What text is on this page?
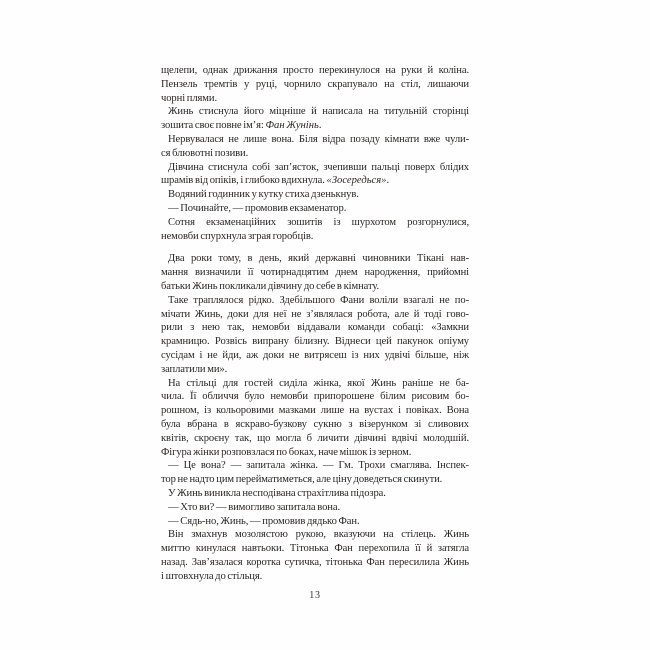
щелепи, однак дрижання просто перекинулося на руки й коліна.
Пензель тремтів у руці, чорнило скрапувало на стіл, лишаючи
чорні плями.
Жинь стиснула його міцніше й написала на титульній сторінці
зошита своє повне ім’я: Фан Жунінь.
Нервувалася не лише вона. Біля відра позаду кімнати вже чули-
ся блювотні позиви.
Дівчина стиснула собі зап’ясток, зчепивши пальці поверх блідих
шрамів від опіків, і глибоко вдихнула. «Зосередься».
Водяний годинник у кутку стиха дзенькнув.
— Починайте, — промовив екзаменатор.
Сотня екзаменаційних зошитів із шурхотом розгорнулися,
немовби спурхнула зграя горобців.
Два роки тому, в день, який державні чиновники Тікані нав-
мання визначили її чотирнадцятим днем народження, прийомні
батьки Жинь покликали дівчину до себе в кімнату.
Таке траплялося рідко. Здебільшого Фани воліли взагалі не по-
мічати Жинь, доки для неї не з’являлася робота, але й тоді гово-
рили з нею так, немовби віддавали команди собаці: «Замкни
крамницю. Розвісь випрану білизну. Віднеси цей пакунок опіуму
сусідам і не йди, аж доки не витрясеш із них удвічі більше, ніж
заплатили ми».
На стільці для гостей сиділа жінка, якої Жинь раніше не ба-
чила. Її обличчя було немовби припорошене білим рисовим бо-
рошном, із кольоровими мазками лише на вустах і повіках. Вона
була вбрана в яскраво-бузкову сукню з візерунком зі сливових
квітів, скроєну так, що могла б личити дівчині вдвічі молодшій.
Фігура жінки розповзлася по боках, наче мішок із зерном.
— Це вона? — запитала жінка. — Гм. Трохи смаглява. Інспек-
тор не надто цим перейматиметься, але ціну доведеться скинути.
У Жинь виникла несподівана страхітлива підозра.
— Хто ви? — вимогливо запитала вона.
— Сядь-но, Жинь, — промовив дядько Фан.
Він змахнув мозолястою рукою, вказуючи на стілець. Жинь
миттю кинулася навтьоки. Тітонька Фан перехопила її й затягла
назад. Зав’язалася коротка сутичка, тітонька Фан пересилила Жинь
і штовхнула до стільця.
13
